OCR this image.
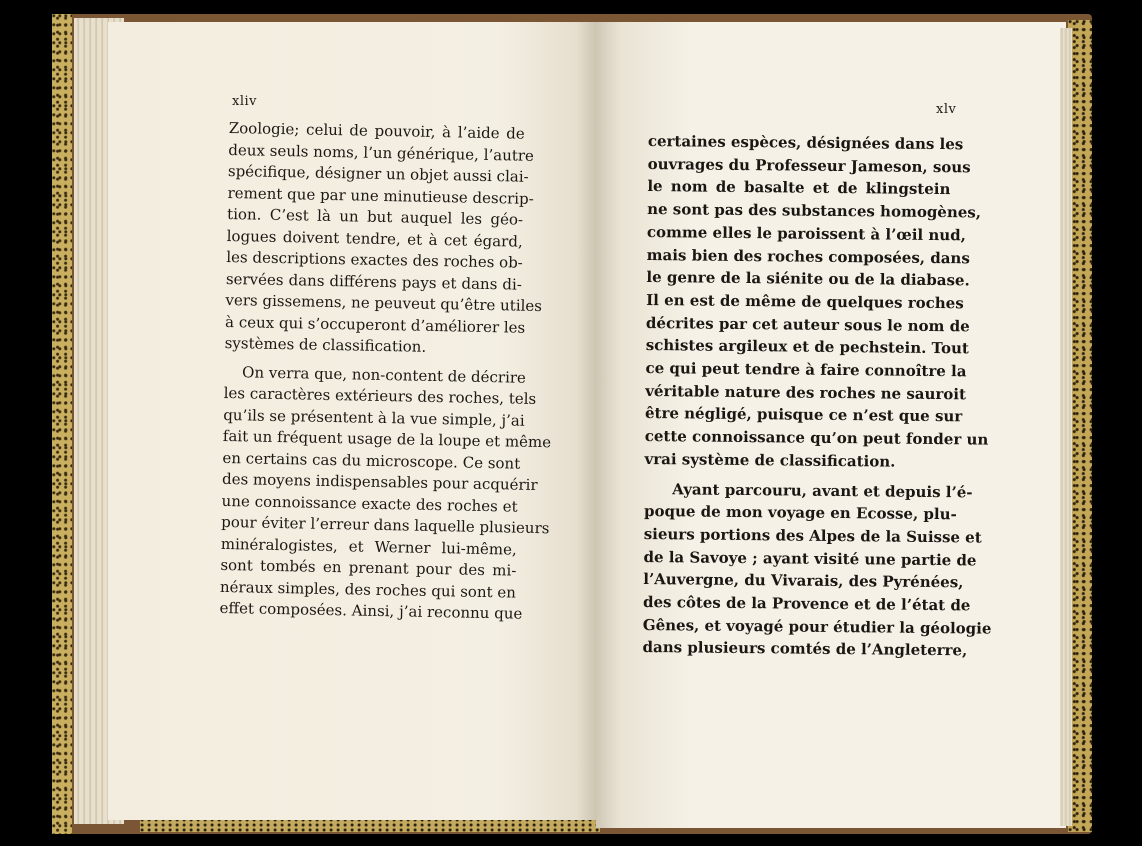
xliv
xlv
Zoologie; celui de pouvoir, à l’aide de
deux seuls noms, l’un générique, l’autre
spécifique, désigner un objet aussi clai-
rement que par une minutieuse descrip-
tion. C’est là un but auquel les géo-
logues doivent tendre, et à cet égard,
les descriptions exactes des roches ob-
servées dans différens pays et dans di-
vers gissemens, ne peuveut qu’être utiles
à ceux qui s’occuperont d’améliorer les
systèmes de classification.
On verra que, non-content de décrire
les caractères extérieurs des roches, tels
qu’ils se présentent à la vue simple, j’ai
fait un fréquent usage de la loupe et même
en certains cas du microscope. Ce sont
des moyens indispensables pour acquérir
une connoissance exacte des roches et
pour éviter l’erreur dans laquelle plusieurs
minéralogistes, et Werner lui-même,
sont tombés en prenant pour des mi-
néraux simples, des roches qui sont en
effet composées. Ainsi, j’ai reconnu que
certaines espèces, désignées dans les
ouvrages du Professeur Jameson, sous
le nom de basalte et de klingstein
ne sont pas des substances homogènes,
comme elles le paroissent à l’œil nud,
mais bien des roches composées, dans
le genre de la siénite ou de la diabase.
Il en est de même de quelques roches
décrites par cet auteur sous le nom de
schistes argileux et de pechstein. Tout
ce qui peut tendre à faire connoître la
véritable nature des roches ne sauroit
être négligé, puisque ce n’est que sur
cette connoissance qu’on peut fonder un
vrai système de classification.
Ayant parcouru, avant et depuis l’é-
poque de mon voyage en Ecosse, plu-
sieurs portions des Alpes de la Suisse et
de la Savoye ; ayant visité une partie de
l’Auvergne, du Vivarais, des Pyrénées,
des côtes de la Provence et de l’état de
Gênes, et voyagé pour étudier la géologie
dans plusieurs comtés de l’Angleterre,
